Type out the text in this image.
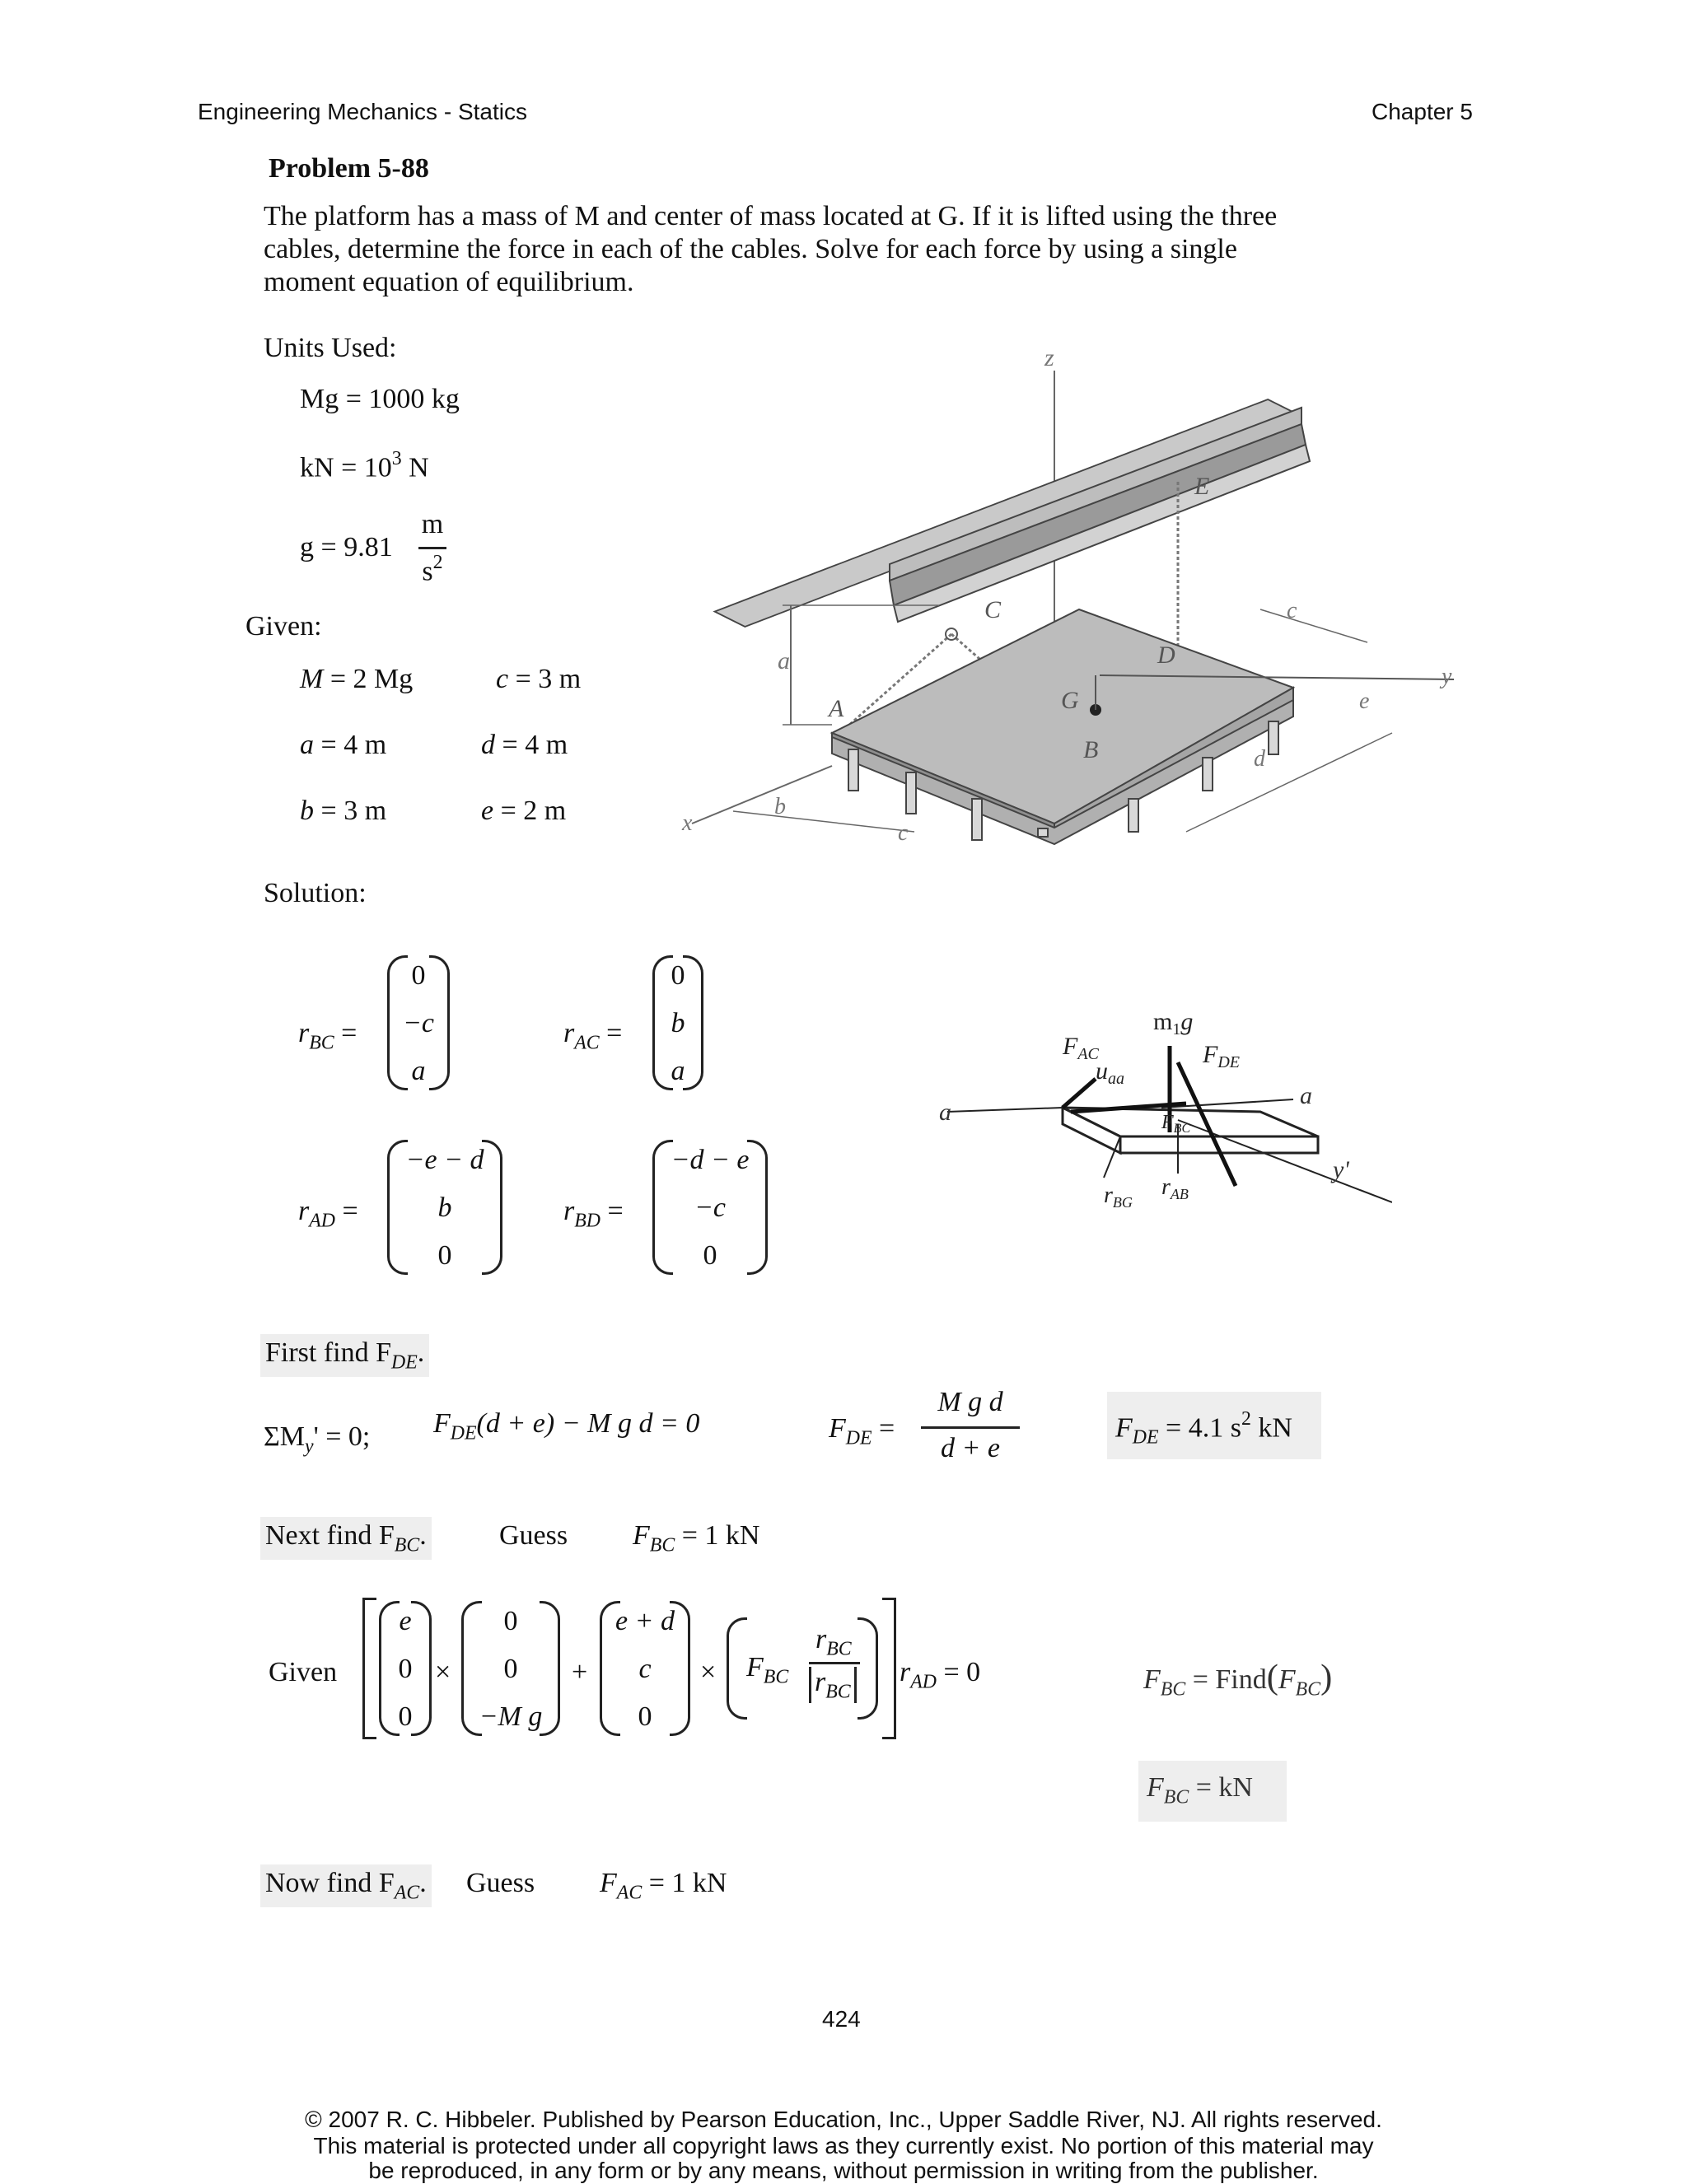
Engineering Mechanics - Statics	Chapter 5
Problem 5-88
The platform has a mass of M and center of mass located at G. If it is lifted using the three
cables, determine the force in each of the cables. Solve for each force by using a single
moment equation of equilibrium.
Units Used:
Mg = 1000 kg
kN = $10^3$ N
g = 9.81
m
$s^2$
Given:
M = 2 Mg	c = 3 m
a = 4 m	d = 4 m
b = 3 m	e = 2 m
z
E
C
a	D
c
y
A	G	e
B	d
x
b
c
Solution:
$r_{BC}$ =
0
−c
a
$r_{AC}$ =
0
b
a
$r_{AD}$ =
−e − d
b
0
$r_{BD}$ =
−d − e
−c
0
a
a
y'
$m_1g$
$F_{AC}$	$F_{DE}$
$u_{aa}$
$F_{BC}$
$r_{BG}$
$r_{AB}$
First find $F_{DE}$.
$\Sigma M_y' = 0$; $F_{DE}(d + e) - M$ g d = 0	$F_{DE}$ =
M g d
d + e
$F_{DE} = 4.1$ $s^2$ kN
Next find $F_{BC}$.	Guess $F_{BC} = 1$ kN
Given
e
0
0
×
0
0
−M g
+
e + d
c
0
× $F_{BC}$
$r_{BC}$
$r_{BC}$
$r_{AD} = 0$	$F_{BC}$ = $Find(F_{BC})$
$F_{BC}$ = kN
Now find $F_{AC}$. Guess $F_{AC} = 1$ kN
424
© 2007 R. C. Hibbeler. Published by Pearson Education, Inc., Upper Saddle River, NJ. All rights reserved.
This material is protected under all copyright laws as they currently exist. No portion of this material may
be reproduced, in any form or by any means, without permission in writing from the publisher.
